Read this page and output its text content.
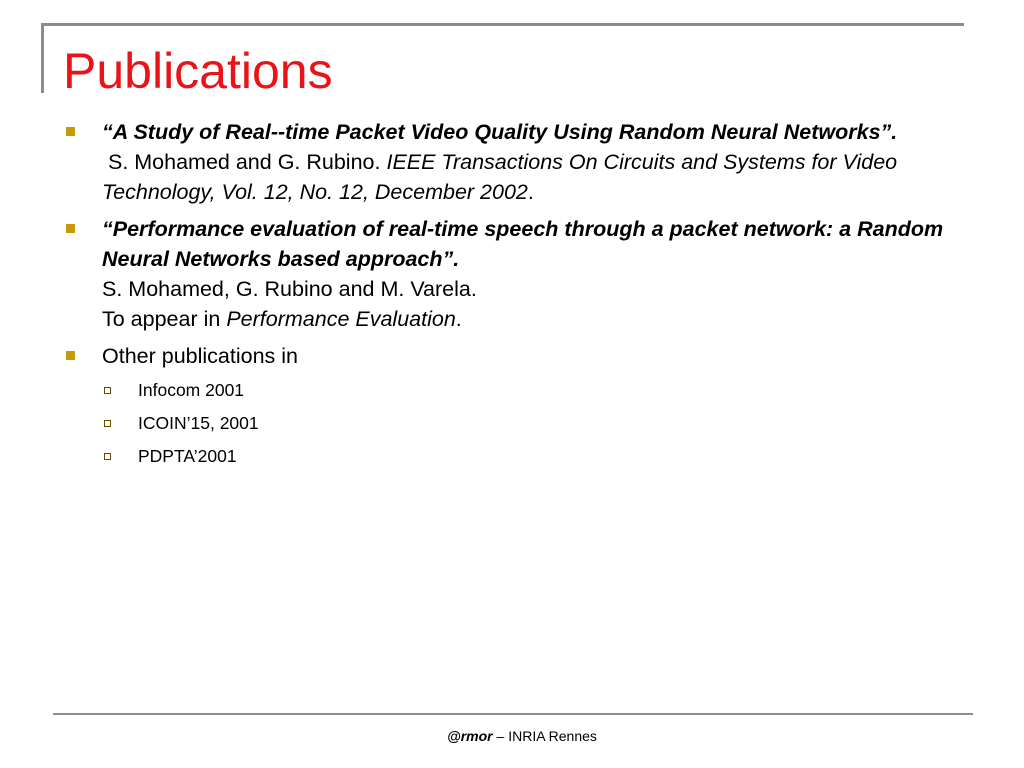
Publications
“A Study of Real--time Packet Video Quality Using Random Neural Networks”.
S. Mohamed and G. Rubino. IEEE Transactions On Circuits and Systems for Video Technology, Vol. 12, No. 12, December 2002.
“Performance evaluation of real-time speech through a packet network: a Random Neural Networks based approach”.
S. Mohamed, G. Rubino and M. Varela.
To appear in Performance Evaluation.
Other publications in
Infocom 2001
ICOIN’15, 2001
PDPTA’2001
@rmor – INRIA Rennes
